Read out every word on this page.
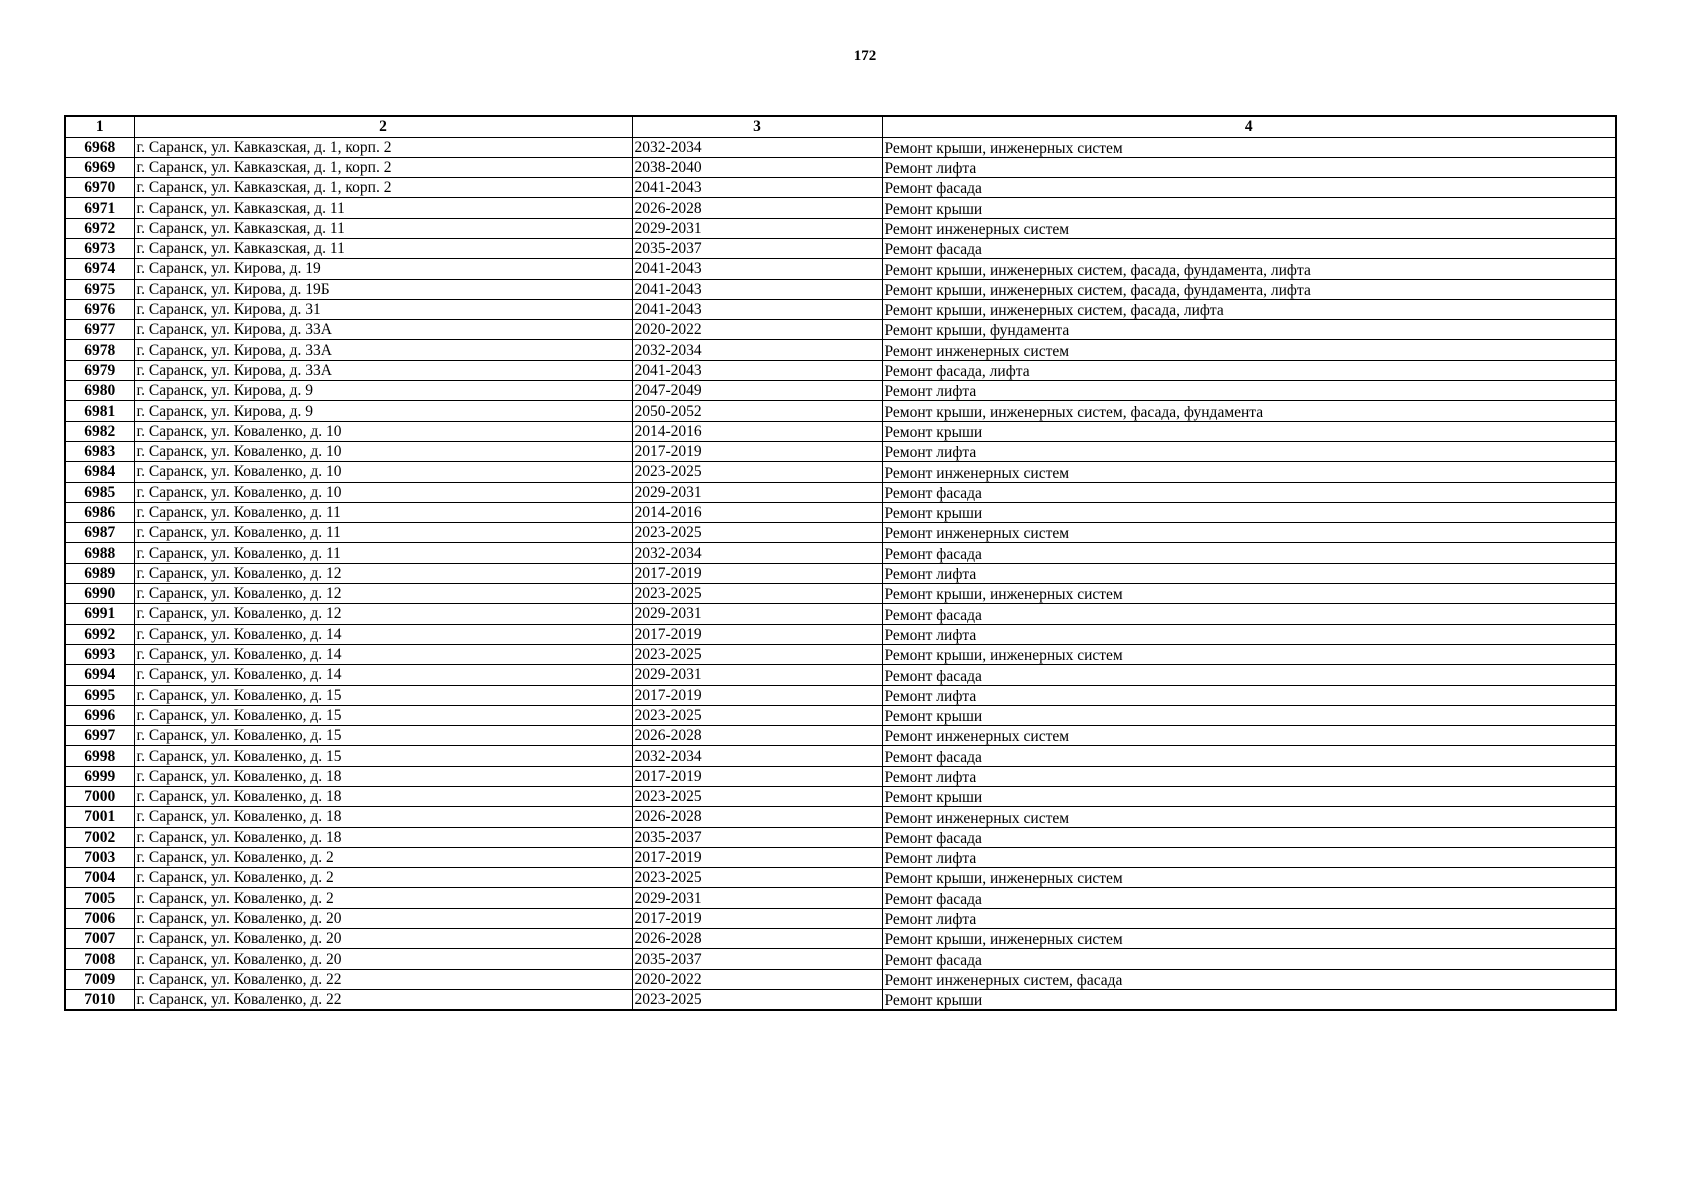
172
1	2	3	4
6968	г. Саранск, ул. Кавказская, д. 1, корп. 2	2032-2034	Ремонт крыши, инженерных систем
6969	г. Саранск, ул. Кавказская, д. 1, корп. 2	2038-2040	Ремонт лифта
6970	г. Саранск, ул. Кавказская, д. 1, корп. 2	2041-2043	Ремонт фасада
6971	г. Саранск, ул. Кавказская, д. 11	2026-2028	Ремонт крыши
6972	г. Саранск, ул. Кавказская, д. 11	2029-2031	Ремонт инженерных систем
6973	г. Саранск, ул. Кавказская, д. 11	2035-2037	Ремонт фасада
6974	г. Саранск, ул. Кирова, д. 19	2041-2043	Ремонт крыши, инженерных систем, фасада, фундамента, лифта
6975	г. Саранск, ул. Кирова, д. 19Б	2041-2043	Ремонт крыши, инженерных систем, фасада, фундамента, лифта
6976	г. Саранск, ул. Кирова, д. 31	2041-2043	Ремонт крыши, инженерных систем, фасада, лифта
6977	г. Саранск, ул. Кирова, д. 33А	2020-2022	Ремонт крыши, фундамента
6978	г. Саранск, ул. Кирова, д. 33А	2032-2034	Ремонт инженерных систем
6979	г. Саранск, ул. Кирова, д. 33А	2041-2043	Ремонт фасада, лифта
6980	г. Саранск, ул. Кирова, д. 9	2047-2049	Ремонт лифта
6981	г. Саранск, ул. Кирова, д. 9	2050-2052	Ремонт крыши, инженерных систем, фасада, фундамента
6982	г. Саранск, ул. Коваленко, д. 10	2014-2016	Ремонт крыши
6983	г. Саранск, ул. Коваленко, д. 10	2017-2019	Ремонт лифта
6984	г. Саранск, ул. Коваленко, д. 10	2023-2025	Ремонт инженерных систем
6985	г. Саранск, ул. Коваленко, д. 10	2029-2031	Ремонт фасада
6986	г. Саранск, ул. Коваленко, д. 11	2014-2016	Ремонт крыши
6987	г. Саранск, ул. Коваленко, д. 11	2023-2025	Ремонт инженерных систем
6988	г. Саранск, ул. Коваленко, д. 11	2032-2034	Ремонт фасада
6989	г. Саранск, ул. Коваленко, д. 12	2017-2019	Ремонт лифта
6990	г. Саранск, ул. Коваленко, д. 12	2023-2025	Ремонт крыши, инженерных систем
6991	г. Саранск, ул. Коваленко, д. 12	2029-2031	Ремонт фасада
6992	г. Саранск, ул. Коваленко, д. 14	2017-2019	Ремонт лифта
6993	г. Саранск, ул. Коваленко, д. 14	2023-2025	Ремонт крыши, инженерных систем
6994	г. Саранск, ул. Коваленко, д. 14	2029-2031	Ремонт фасада
6995	г. Саранск, ул. Коваленко, д. 15	2017-2019	Ремонт лифта
6996	г. Саранск, ул. Коваленко, д. 15	2023-2025	Ремонт крыши
6997	г. Саранск, ул. Коваленко, д. 15	2026-2028	Ремонт инженерных систем
6998	г. Саранск, ул. Коваленко, д. 15	2032-2034	Ремонт фасада
6999	г. Саранск, ул. Коваленко, д. 18	2017-2019	Ремонт лифта
7000	г. Саранск, ул. Коваленко, д. 18	2023-2025	Ремонт крыши
7001	г. Саранск, ул. Коваленко, д. 18	2026-2028	Ремонт инженерных систем
7002	г. Саранск, ул. Коваленко, д. 18	2035-2037	Ремонт фасада
7003	г. Саранск, ул. Коваленко, д. 2	2017-2019	Ремонт лифта
7004	г. Саранск, ул. Коваленко, д. 2	2023-2025	Ремонт крыши, инженерных систем
7005	г. Саранск, ул. Коваленко, д. 2	2029-2031	Ремонт фасада
7006	г. Саранск, ул. Коваленко, д. 20	2017-2019	Ремонт лифта
7007	г. Саранск, ул. Коваленко, д. 20	2026-2028	Ремонт крыши, инженерных систем
7008	г. Саранск, ул. Коваленко, д. 20	2035-2037	Ремонт фасада
7009	г. Саранск, ул. Коваленко, д. 22	2020-2022	Ремонт инженерных систем, фасада
7010	г. Саранск, ул. Коваленко, д. 22	2023-2025	Ремонт крыши
